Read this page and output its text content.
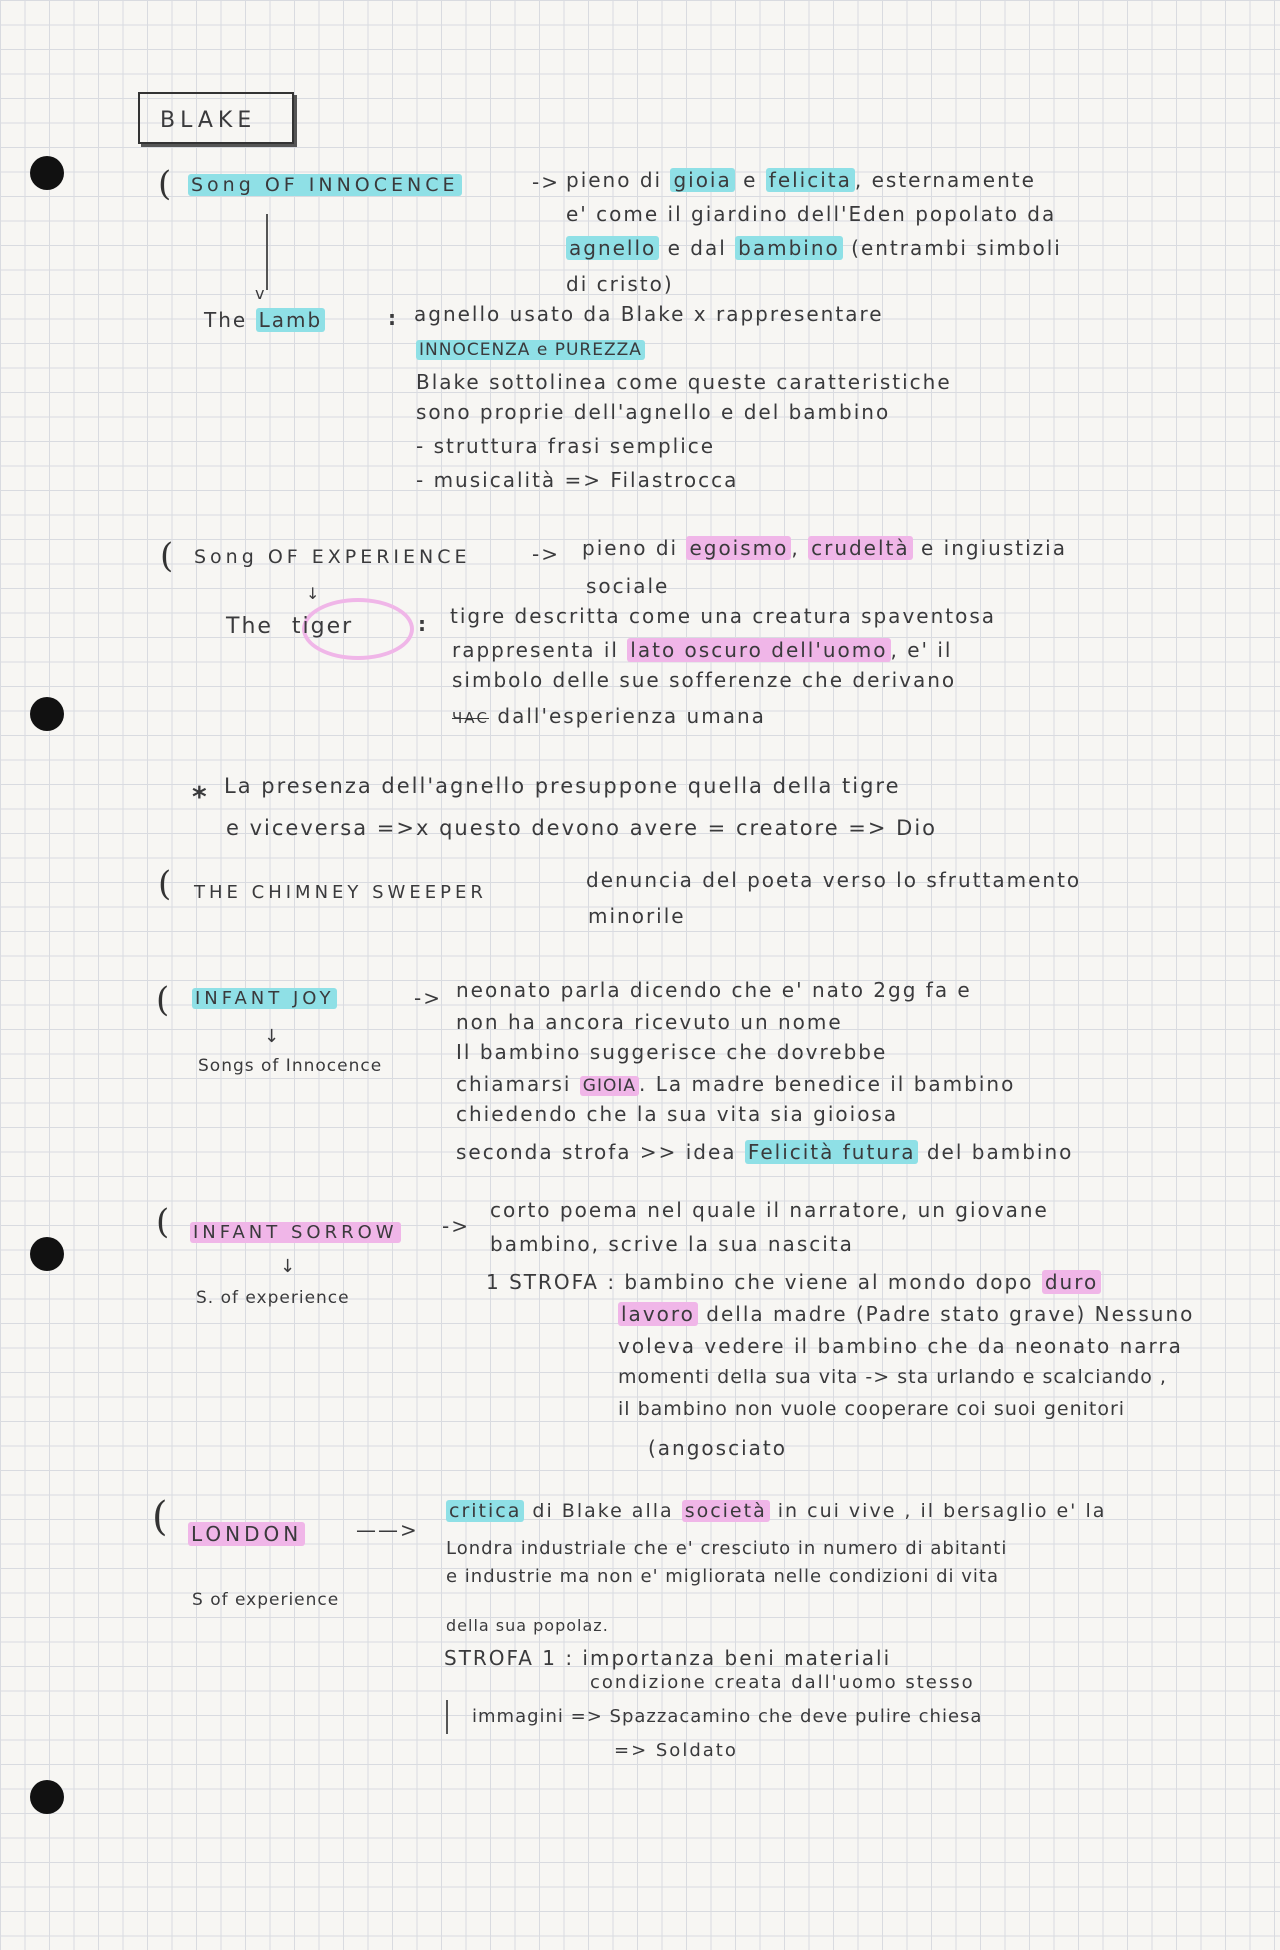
BLAKE
( Song OF INNOCENCE	-> pieno di gioia e felicita , esternamente
e' come il giardino dell'Eden popolato da
agnello e dal bambino (entrambi simboli
di cristo)
v
The Lamb	: agnello usato da Blake x rappresentare
INNOCENZA e PUREZZA
Blake sottolinea come queste caratteristiche
sono proprie dell'agnello e del bambino
- struttura frasi semplice
- musicalità => Filastrocca
( Song OF EXPERIENCE	-> pieno di egoismo , crudeltà e ingiustizia
sociale
↓
The tiger	: tigre descritta come una creatura spaventosa
rappresenta il lato oscuro dell'uomo , e' il
simbolo delle sue sofferenze che derivano
ЧАС dall'esperienza umana
* La presenza dell'agnello presuppone quella della tigre
e viceversa =>x questo devono avere = creatore => Dio
( THE CHIMNEY SWEEPER
denuncia del poeta verso lo sfruttamento
minorile
( INFANT JOY	->
↓
Songs of Innocence
neonato parla dicendo che e' nato 2gg fa e
non ha ancora ricevuto un nome
Il bambino suggerisce che dovrebbe
chiamarsi GIOIA . La madre benedice il bambino
chiedendo che la sua vita sia gioiosa
seconda strofa >> idea Felicità futura del bambino
( INFANT SORROW ->
↓
S. of experience
corto poema nel quale il narratore, un giovane
bambino, scrive la sua nascita
1 STROFA : bambino che viene al mondo dopo duro
lavoro della madre (Padre stato grave) Nessuno
voleva vedere il bambino che da neonato narra
momenti della sua vita -> sta urlando e scalciando ,
il bambino non vuole cooperare coi suoi genitori
(angosciato
( LONDON	——>
S of experience
critica di Blake alla società in cui vive , il bersaglio e' la
Londra industriale che e' cresciuto in numero di abitanti
e industrie ma non e' migliorata nelle condizioni di vita
della sua popolaz.
STROFA 1 : importanza beni materiali
condizione creata dall'uomo stesso
immagini => Spazzacamino che deve pulire chiesa
=> Soldato
